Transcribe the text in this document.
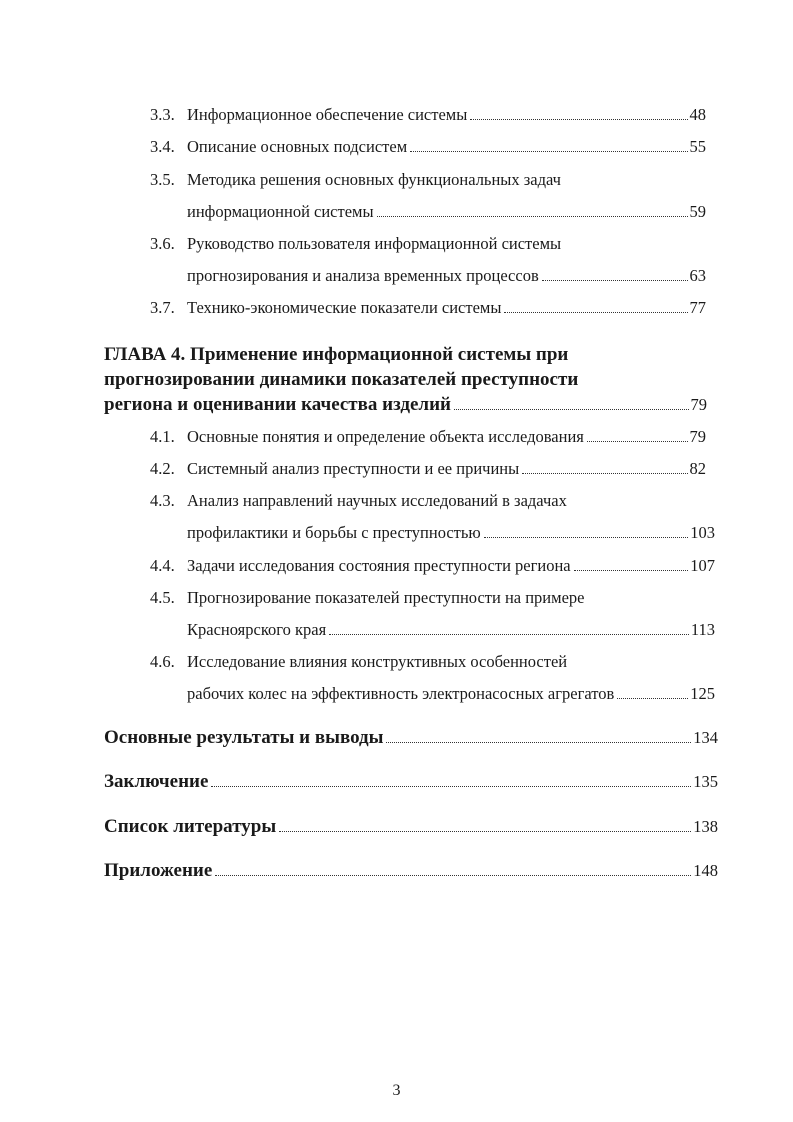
3.3. Информационное обеспечение системы	48
3.4. Описание основных подсистем	55
3.5. Методика решения основных функциональных задач
информационной системы	59
3.6. Руководство пользователя информационной системы
прогнозирования и анализа временных процессов	63
3.7. Технико-экономические показатели системы	77
ГЛАВА 4. Применение информационной системы при
прогнозировании динамики показателей преступности
региона и оценивании качества изделий	79
4.1. Основные понятия и определение объекта исследования	79
4.2. Системный анализ преступности и ее причины	82
4.3. Анализ направлений научных исследований в задачах
профилактики и борьбы с преступностью	103
4.4. Задачи исследования состояния преступности региона	107
4.5. Прогнозирование показателей преступности на примере
Красноярского края	113
4.6. Исследование влияния конструктивных особенностей
рабочих колес на эффективность электронасосных агрегатов	125
Основные результаты и выводы	134
Заключение	135
Список литературы	138
Приложение	148
3
